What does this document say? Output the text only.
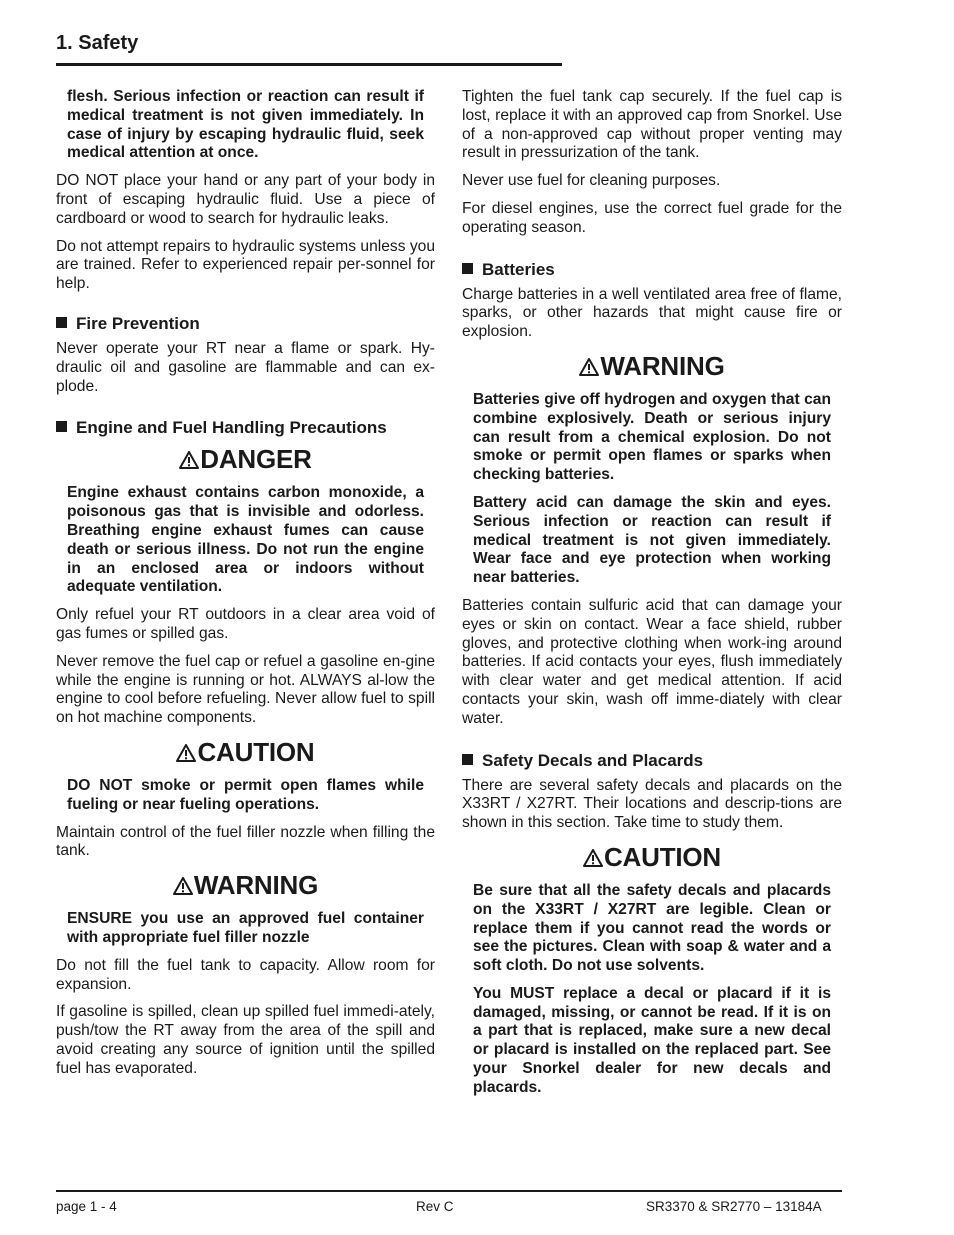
1. Safety

flesh. Serious infection or reaction can result if medical treatment is not given immediately. In case of injury by escaping hydraulic fluid, seek medical attention at once.

DO NOT place your hand or any part of your body in front of escaping hydraulic fluid. Use a piece of cardboard or wood to search for hydraulic leaks.

Do not attempt repairs to hydraulic systems unless you are trained. Refer to experienced repair per-sonnel for help.

Fire Prevention

Never operate your RT near a flame or spark. Hy-draulic oil and gasoline are flammable and can ex-plode.

Engine and Fuel Handling Precautions
DANGER

Engine exhaust contains carbon monoxide, a poisonous gas that is invisible and odorless. Breathing engine exhaust fumes can cause death or serious illness. Do not run the engine in an enclosed area or indoors without adequate ventilation.

Only refuel your RT outdoors in a clear area void of gas fumes or spilled gas.

Never remove the fuel cap or refuel a gasoline en-gine while the engine is running or hot. ALWAYS al-low the engine to cool before refueling. Never allow fuel to spill on hot machine components.

CAUTION

DO NOT smoke or permit open flames while fueling or near fueling operations.

Maintain control of the fuel filler nozzle when filling the tank.

WARNING

ENSURE you use an approved fuel container with appropriate fuel filler nozzle

Do not fill the fuel tank to capacity. Allow room for expansion.

If gasoline is spilled, clean up spilled fuel immedi-ately, push/tow the RT away from the area of the spill and avoid creating any source of ignition until the spilled fuel has evaporated.

Tighten the fuel tank cap securely. If the fuel cap is lost, replace it with an approved cap from Snorkel. Use of a non-approved cap without proper venting may result in pressurization of the tank.

Never use fuel for cleaning purposes.

For diesel engines, use the correct fuel grade for the operating season.

Batteries

Charge batteries in a well ventilated area free of flame, sparks, or other hazards that might cause fire or explosion.

WARNING

Batteries give off hydrogen and oxygen that can combine explosively. Death or serious injury can result from a chemical explosion. Do not smoke or permit open flames or sparks when checking batteries.

Battery acid can damage the skin and eyes. Serious infection or reaction can result if medical treatment is not given immediately. Wear face and eye protection when working near batteries.

Batteries contain sulfuric acid that can damage your eyes or skin on contact. Wear a face shield, rubber gloves, and protective clothing when work-ing around batteries. If acid contacts your eyes, flush immediately with clear water and get medical attention. If acid contacts your skin, wash off imme-diately with clear water.

Safety Decals and Placards

There are several safety decals and placards on the X33RT / X27RT. Their locations and descrip-tions are shown in this section. Take time to study them.

CAUTION

Be sure that all the safety decals and placards on the X33RT / X27RT are legible. Clean or replace them if you cannot read the words or see the pictures. Clean with soap & water and a soft cloth. Do not use solvents.

You MUST replace a decal or placard if it is damaged, missing, or cannot be read. If it is on a part that is replaced, make sure a new decal or placard is installed on the replaced part. See your Snorkel dealer for new decals and placards.

page 1 - 4	Rev C	SR3370 & SR2770 – 13184A
